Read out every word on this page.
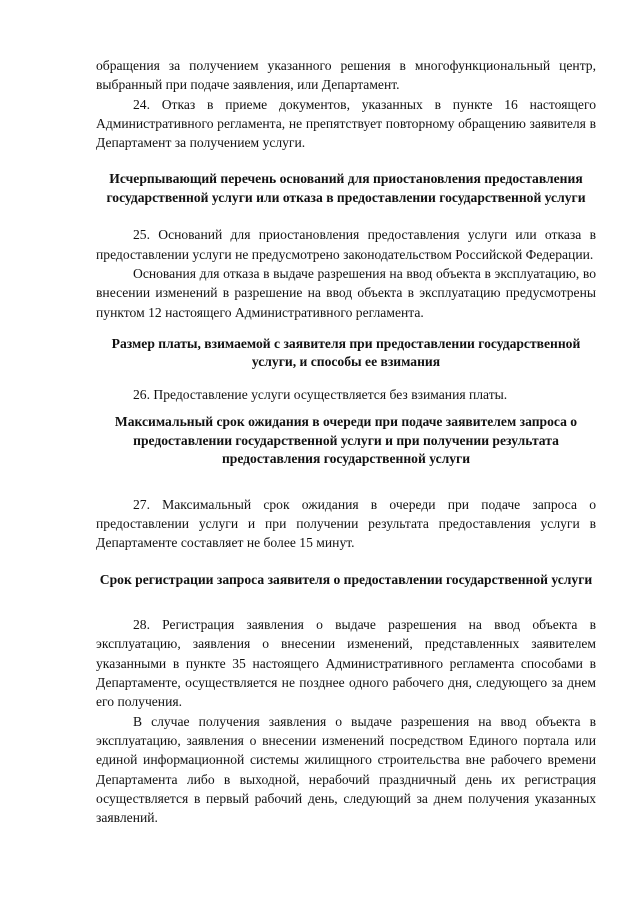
обращения за получением указанного решения в многофункциональный центр, выбранный при подаче заявления, или Департамент.

24. Отказ в приеме документов, указанных в пункте 16 настоящего Административного регламента, не препятствует повторному обращению заявителя в Департамент за получением услуги.

Исчерпывающий перечень оснований для приостановления предоставления государственной услуги или отказа в предоставлении государственной услуги

25. Оснований для приостановления предоставления услуги или отказа в предоставлении услуги не предусмотрено законодательством Российской Федерации.

Основания для отказа в выдаче разрешения на ввод объекта в эксплуатацию, во внесении изменений в разрешение на ввод объекта в эксплуатацию предусмотрены пунктом 12 настоящего Административного регламента.

Размер платы, взимаемой с заявителя при предоставлении государственной услуги, и способы ее взимания

26. Предоставление услуги осуществляется без взимания платы.

Максимальный срок ожидания в очереди при подаче заявителем запроса о предоставлении государственной услуги и при получении результата предоставления государственной услуги

27. Максимальный срок ожидания в очереди при подаче запроса о предоставлении услуги и при получении результата предоставления услуги в Департаменте составляет не более 15 минут.

Срок регистрации запроса заявителя о предоставлении государственной услуги

28. Регистрация заявления о выдаче разрешения на ввод объекта в эксплуатацию, заявления о внесении изменений, представленных заявителем указанными в пункте 35 настоящего Административного регламента способами в Департаменте, осуществляется не позднее одного рабочего дня, следующего за днем его получения.

В случае получения заявления о выдаче разрешения на ввод объекта в эксплуатацию, заявления о внесении изменений посредством Единого портала или единой информационной системы жилищного строительства вне рабочего времени Департамента либо в выходной, нерабочий праздничный день их регистрация осуществляется в первый рабочий день, следующий за днем получения указанных заявлений.
